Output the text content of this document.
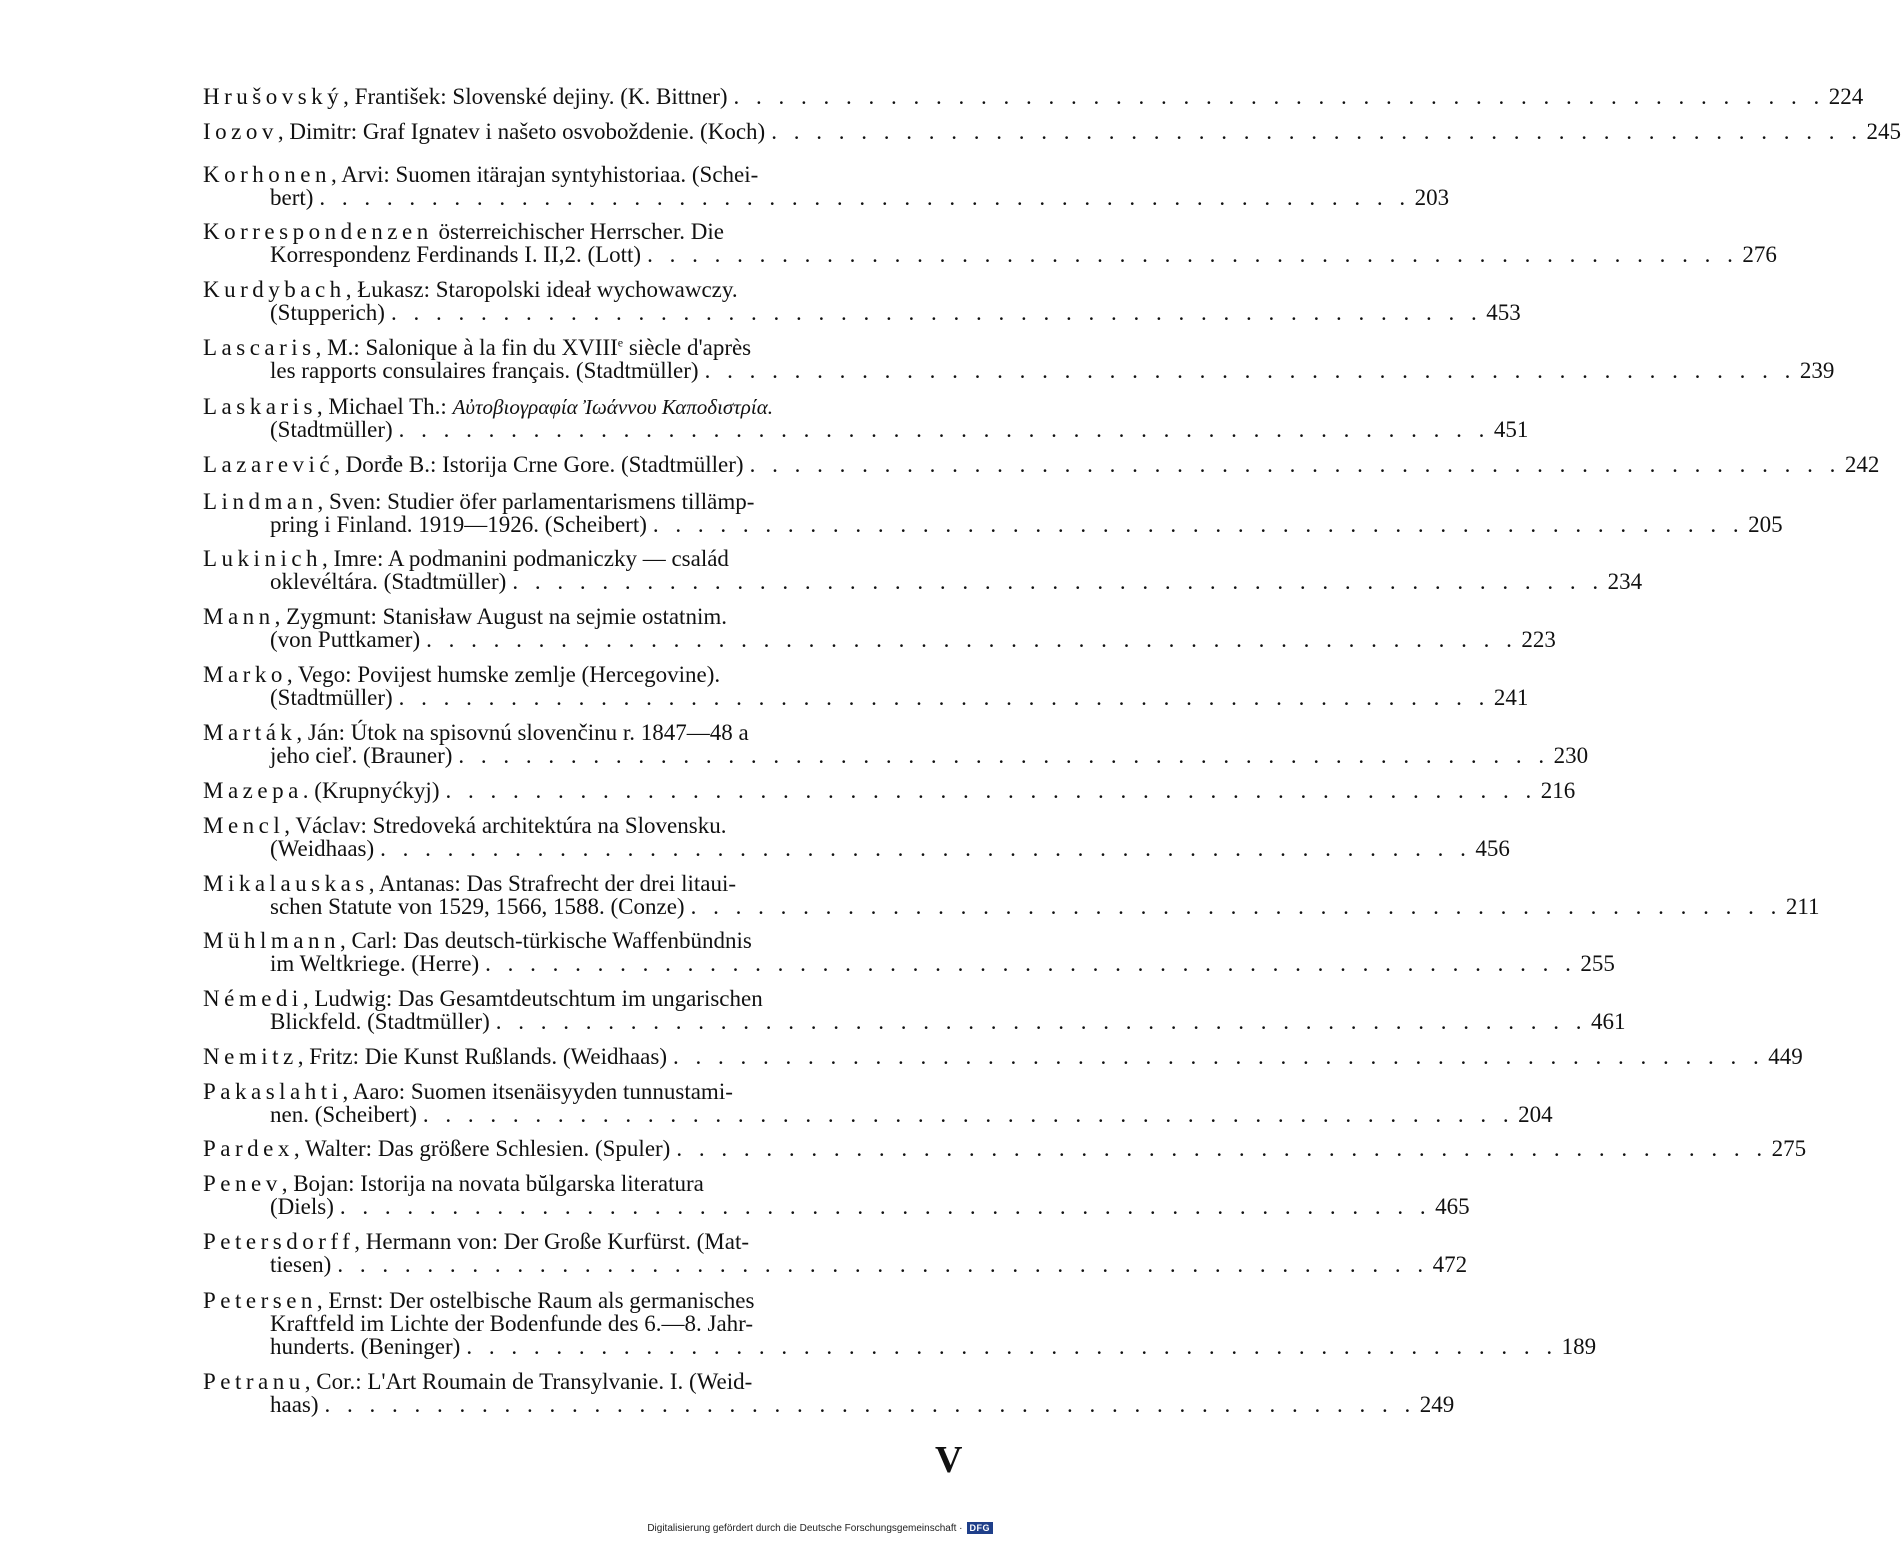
Hrušovský, František: Slovenské dejiny. (K. Bittner) . . . . . . . . . . . . . . . . . . . . . . . . . . . . . . . . . . . . . . . . . . . . . . . . . 224
Iozov, Dimitr: Graf Ignatev i našeto osvoboždenie. (Koch) . . . . . . . . . . . . . . . . . . . . . . . . . . . . . . . . . . . . . . . . . . . . . . . . . 245
Korhonen, Arvi: Suomen itärajan syntyhistoriaa. (Schei-
bert) . . . . . . . . . . . . . . . . . . . . . . . . . . . . . . . . . . . . . . . . . . . . . . . . . 203
Korrespondenzen österreichischer Herrscher. Die
Korrespondenz Ferdinands I. II,2. (Lott) . . . . . . . . . . . . . . . . . . . . . . . . . . . . . . . . . . . . . . . . . . . . . . . . . 276
Kurdybach, Łukasz: Staropolski ideał wychowawczy.
(Stupperich) . . . . . . . . . . . . . . . . . . . . . . . . . . . . . . . . . . . . . . . . . . . . . . . . . 453
Lascaris, M.: Salonique à la fin du XVIIIe siècle d'après
les rapports consulaires français. (Stadtmüller) . . . . . . . . . . . . . . . . . . . . . . . . . . . . . . . . . . . . . . . . . . . . . . . . . 239
Laskaris, Michael Th.: Αὐτοβιογραφία Ἰωάννου Καποδιστρία.
(Stadtmüller) . . . . . . . . . . . . . . . . . . . . . . . . . . . . . . . . . . . . . . . . . . . . . . . . . 451
Lazarević, Dorđe B.: Istorija Crne Gore. (Stadtmüller) . . . . . . . . . . . . . . . . . . . . . . . . . . . . . . . . . . . . . . . . . . . . . . . . . 242
Lindman, Sven: Studier öfer parlamentarismens tillämp-
pring i Finland. 1919—1926. (Scheibert) . . . . . . . . . . . . . . . . . . . . . . . . . . . . . . . . . . . . . . . . . . . . . . . . . 205
Lukinich, Imre: A podmanini podmaniczky — család
oklevéltára. (Stadtmüller) . . . . . . . . . . . . . . . . . . . . . . . . . . . . . . . . . . . . . . . . . . . . . . . . . 234
Mann, Zygmunt: Stanisław August na sejmie ostatnim.
(von Puttkamer) . . . . . . . . . . . . . . . . . . . . . . . . . . . . . . . . . . . . . . . . . . . . . . . . . 223
Marko, Vego: Povijest humske zemlje (Hercegovine).
(Stadtmüller) . . . . . . . . . . . . . . . . . . . . . . . . . . . . . . . . . . . . . . . . . . . . . . . . . 241
Marták, Ján: Útok na spisovnú slovenčinu r. 1847—48 a
jeho cieľ. (Brauner) . . . . . . . . . . . . . . . . . . . . . . . . . . . . . . . . . . . . . . . . . . . . . . . . . 230
Mazepa. (Krupnyćkyj) . . . . . . . . . . . . . . . . . . . . . . . . . . . . . . . . . . . . . . . . . . . . . . . . . 216
Mencl, Václav: Stredoveká architektúra na Slovensku.
(Weidhaas) . . . . . . . . . . . . . . . . . . . . . . . . . . . . . . . . . . . . . . . . . . . . . . . . . 456
Mikalauskas, Antanas: Das Strafrecht der drei litaui-
schen Statute von 1529, 1566, 1588. (Conze) . . . . . . . . . . . . . . . . . . . . . . . . . . . . . . . . . . . . . . . . . . . . . . . . . 211
Mühlmann, Carl: Das deutsch-türkische Waffenbündnis
im Weltkriege. (Herre) . . . . . . . . . . . . . . . . . . . . . . . . . . . . . . . . . . . . . . . . . . . . . . . . . 255
Némedi, Ludwig: Das Gesamtdeutschtum im ungarischen
Blickfeld. (Stadtmüller) . . . . . . . . . . . . . . . . . . . . . . . . . . . . . . . . . . . . . . . . . . . . . . . . . 461
Nemitz, Fritz: Die Kunst Rußlands. (Weidhaas) . . . . . . . . . . . . . . . . . . . . . . . . . . . . . . . . . . . . . . . . . . . . . . . . . 449
Pakaslahti, Aaro: Suomen itsenäisyyden tunnustami-
nen. (Scheibert) . . . . . . . . . . . . . . . . . . . . . . . . . . . . . . . . . . . . . . . . . . . . . . . . . 204
Pardex, Walter: Das größere Schlesien. (Spuler) . . . . . . . . . . . . . . . . . . . . . . . . . . . . . . . . . . . . . . . . . . . . . . . . . 275
Penev, Bojan: Istorija na novata bŭlgarska literatura
(Diels) . . . . . . . . . . . . . . . . . . . . . . . . . . . . . . . . . . . . . . . . . . . . . . . . . 465
Petersdorff, Hermann von: Der Große Kurfürst. (Mat-
tiesen) . . . . . . . . . . . . . . . . . . . . . . . . . . . . . . . . . . . . . . . . . . . . . . . . . 472
Petersen, Ernst: Der ostelbische Raum als germanisches
Kraftfeld im Lichte der Bodenfunde des 6.—8. Jahr-
hunderts. (Beninger) . . . . . . . . . . . . . . . . . . . . . . . . . . . . . . . . . . . . . . . . . . . . . . . . . 189
Petranu, Cor.: L'Art Roumain de Transylvanie. I. (Weid-
haas) . . . . . . . . . . . . . . . . . . . . . . . . . . . . . . . . . . . . . . . . . . . . . . . . . 249
V
Digitalisierung gefördert durch die Deutsche Forschungsgemeinschaft · DFG
